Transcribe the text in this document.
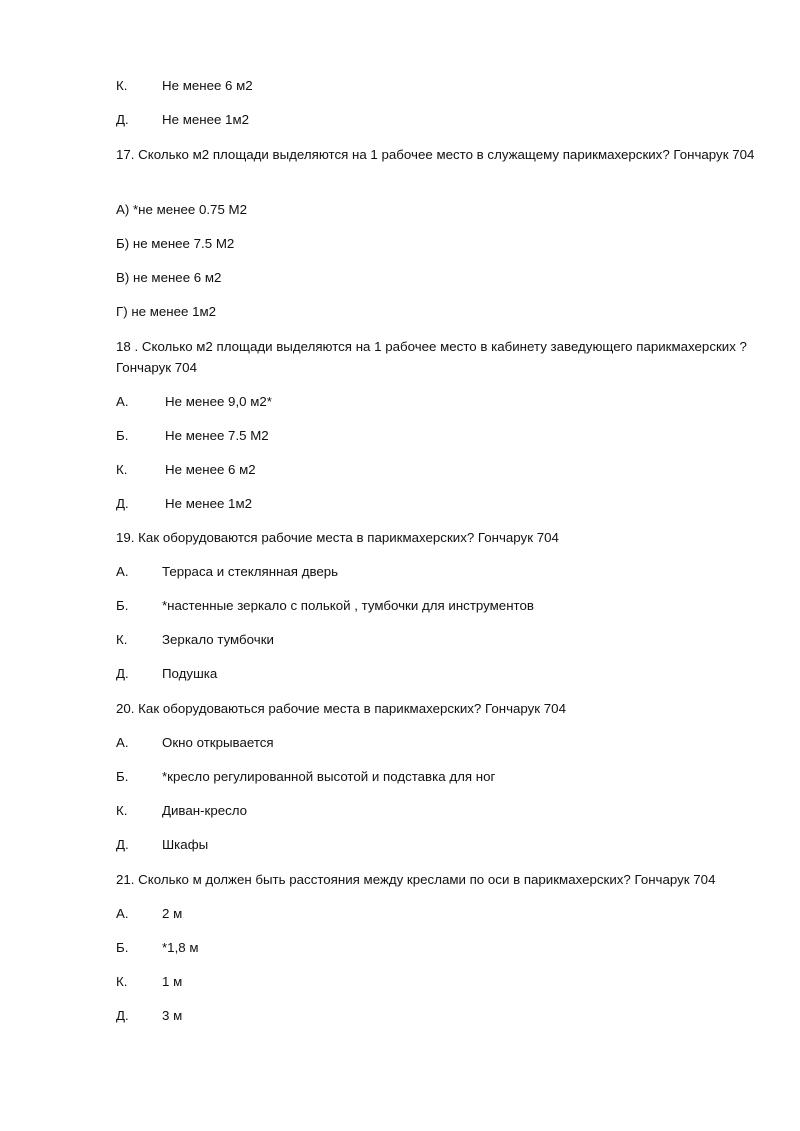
К.	Не менее 6 м2
Д.	Не менее 1м2
17. Сколько м2 площади выделяются на 1 рабочее место в служащему парикмахерских? Гончарук 704
А) *не менее 0.75 М2
Б) не менее 7.5 М2
В) не менее 6 м2
Г) не менее 1м2
18 . Сколько м2 площади выделяются на 1 рабочее место в кабинету заведующего парикмахерских ? Гончарук 704
А.	Не менее 9,0 м2*
Б.	Не менее 7.5 М2
К.	Не менее 6 м2
Д.	Не менее 1м2
19. Как оборудоваются рабочие места в парикмахерских? Гончарук 704
А.	Терраса и стеклянная дверь
Б.	*настенные зеркало с полькой , тумбочки для инструментов
К.	Зеркало тумбочки
Д.	Подушка
20. Как оборудоваються рабочие места в парикмахерских? Гончарук 704
А.	Окно открывается
Б.	*кресло регулированной высотой и подставка для ног
К.	Диван-кресло
Д.	Шкафы
21. Сколько м должен быть расстояния между креслами по оси в парикмахерских? Гончарук 704
А.	2 м
Б.	*1,8 м
К.	1 м
Д.	3 м
